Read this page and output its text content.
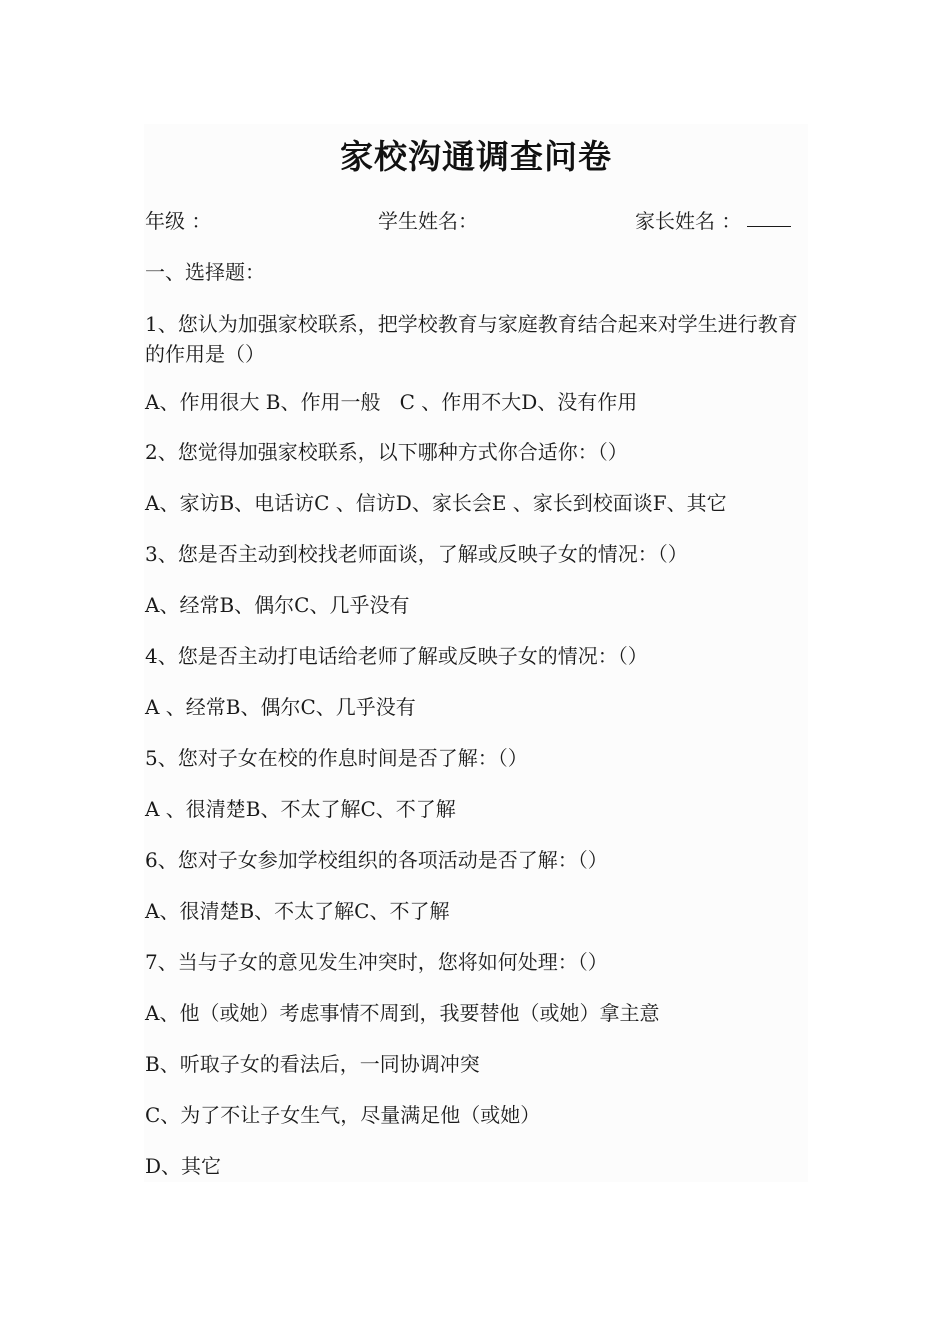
家校沟通调查问卷
年级 ：	学生姓名：	家长姓名 ：
一、选择题：
1、您认为加强家校联系，把学校教育与家庭教育结合起来对学生进行教育的作用是（）
A、作用很大 B、作用一般   C 、作用不大D、没有作用
2、您觉得加强家校联系，以下哪种方式你合适你：（）
A、家访B、电话访C 、信访D、家长会E 、家长到校面谈F、其它
3、您是否主动到校找老师面谈，了解或反映子女的情况：（）
A、经常B、偶尔C、几乎没有
4、您是否主动打电话给老师了解或反映子女的情况：（）
A 、经常B、偶尔C、几乎没有
5、您对子女在校的作息时间是否了解：（）
A 、很清楚B、不太了解C、不了解
6、您对子女参加学校组织的各项活动是否了解：（）
A、很清楚B、不太了解C、不了解
7、当与子女的意见发生冲突时，您将如何处理：（）
A、他（或她）考虑事情不周到，我要替他（或她）拿主意
B、听取子女的看法后，一同协调冲突
C、为了不让子女生气，尽量满足他（或她）
D、其它
